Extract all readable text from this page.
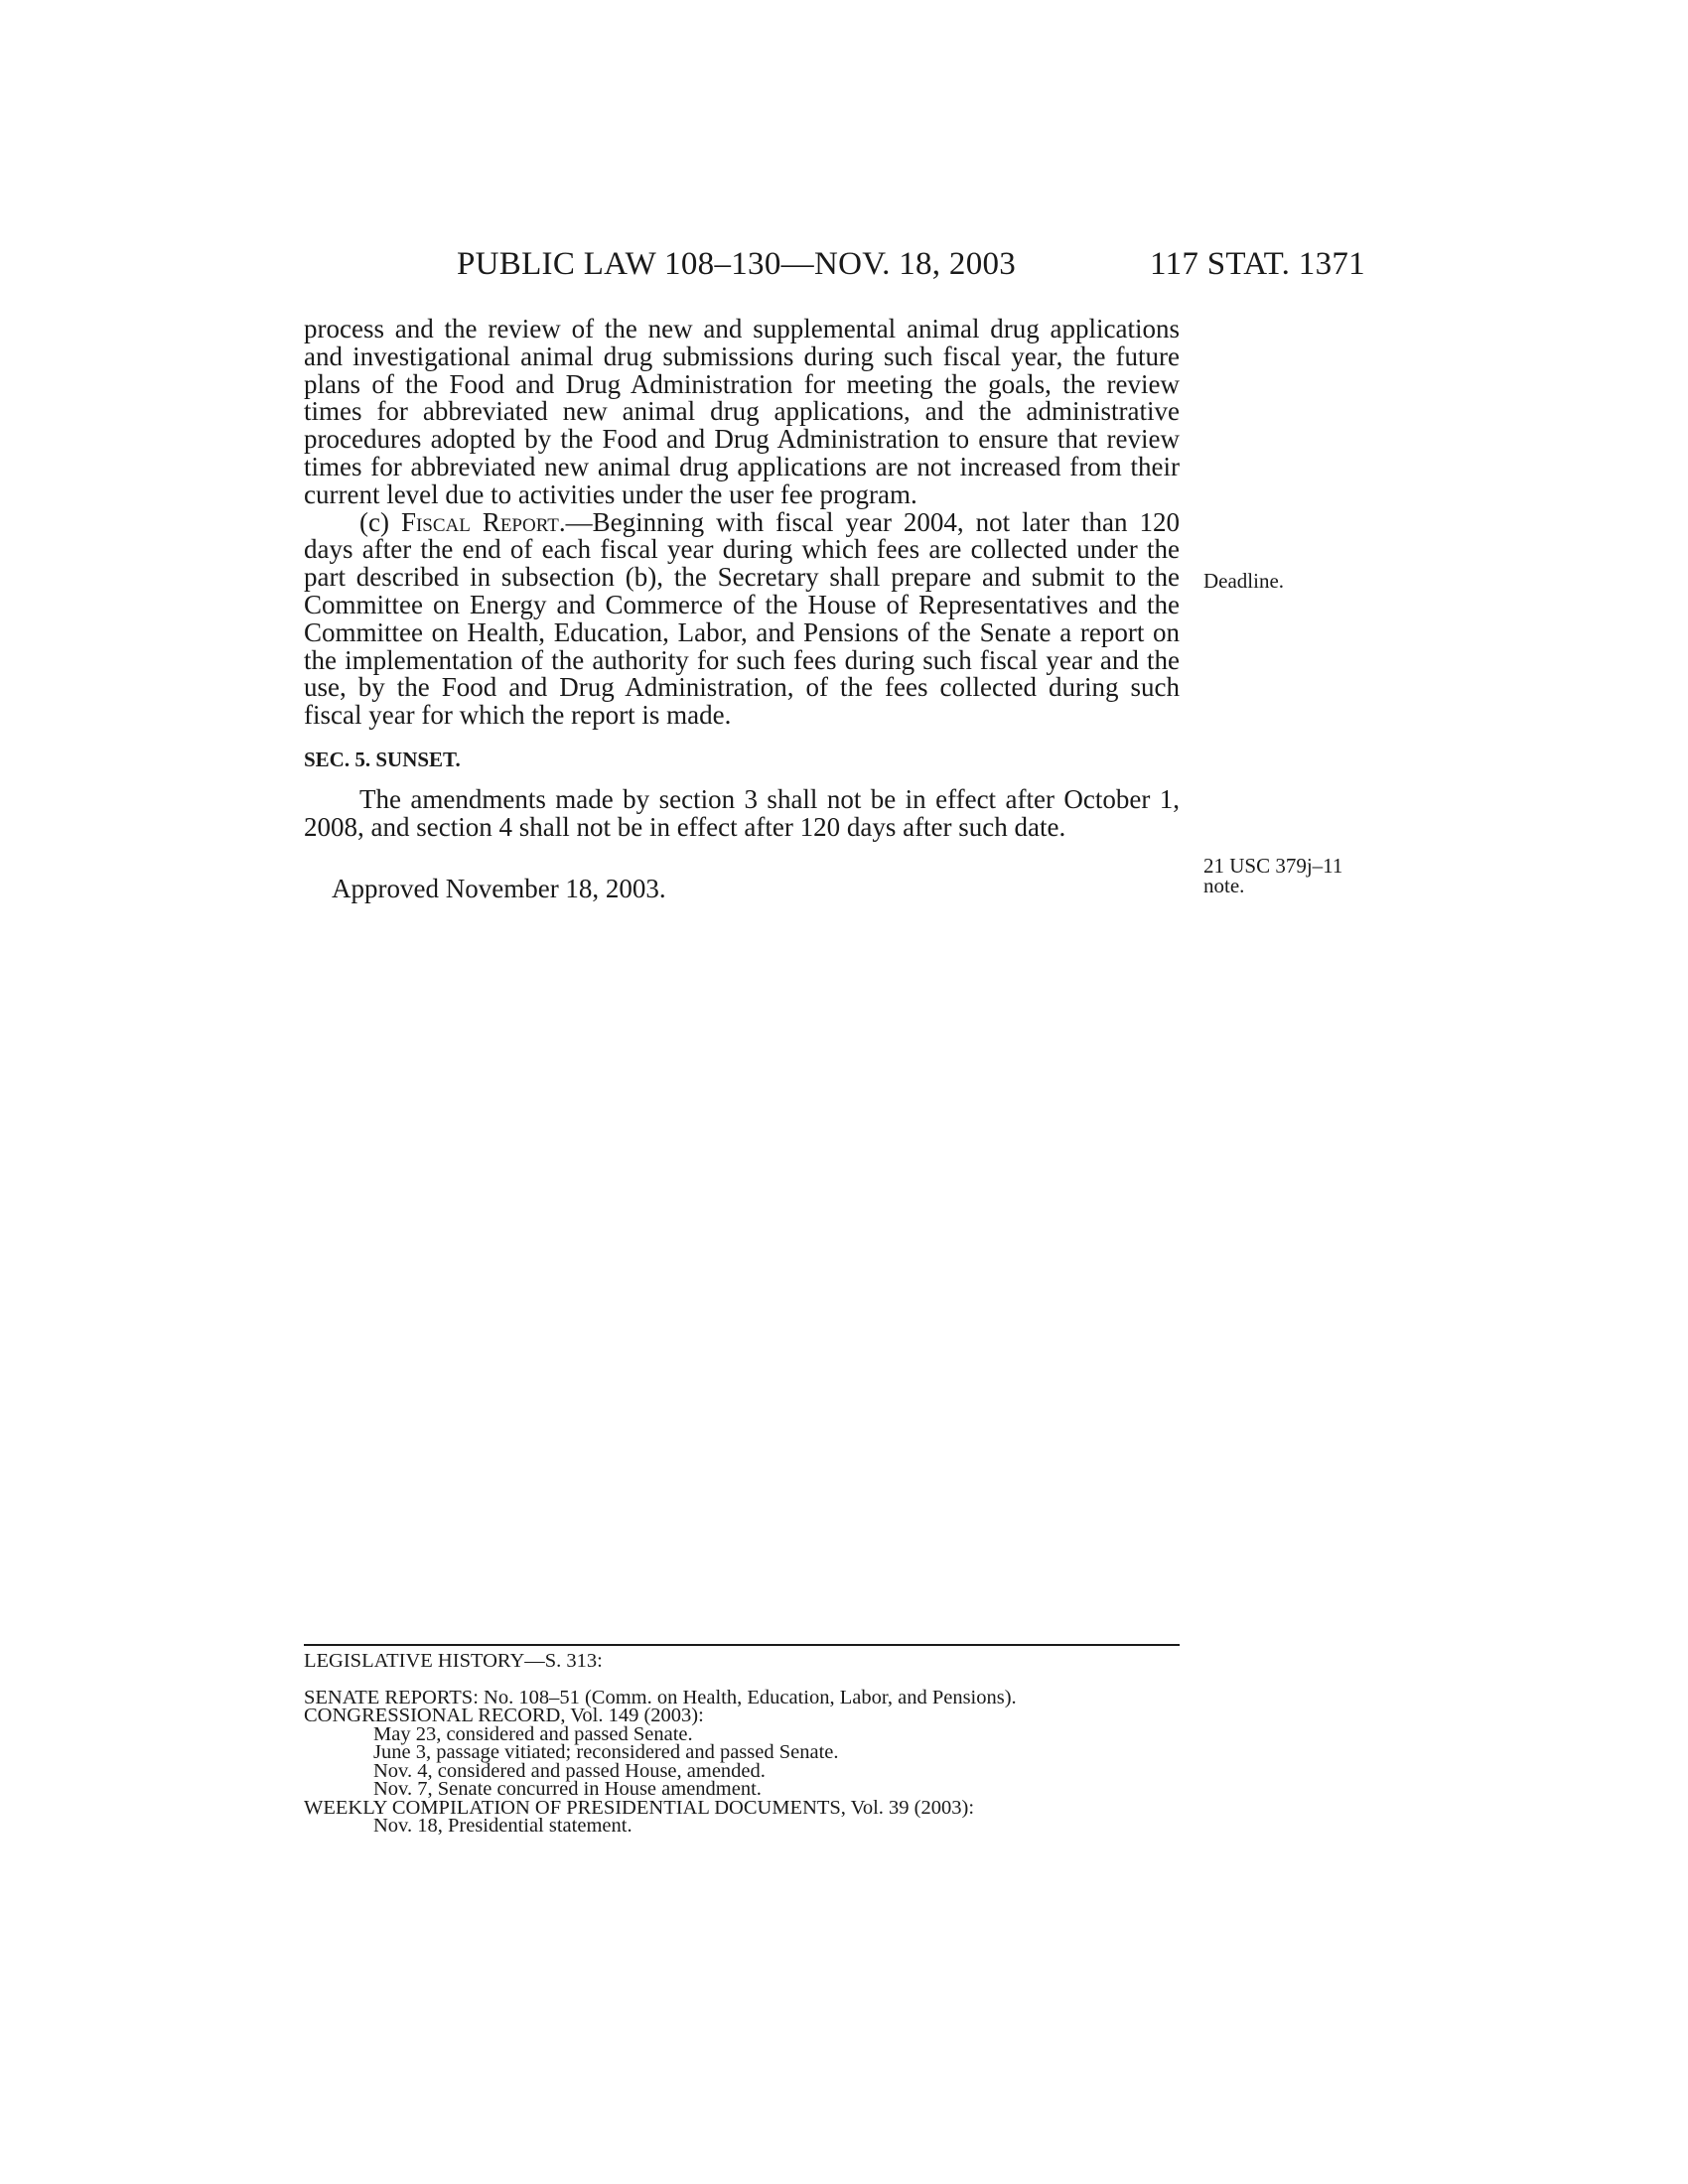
PUBLIC LAW 108–130—NOV. 18, 2003	117 STAT. 1371

process and the review of the new and supplemental animal drug applications and investigational animal drug submissions during such fiscal year, the future plans of the Food and Drug Administration for meeting the goals, the review times for abbreviated new animal drug applications, and the administrative procedures adopted by the Food and Drug Administration to ensure that review times for abbreviated new animal drug applications are not increased from their current level due to activities under the user fee program.

(c) Fiscal Report.—Beginning with fiscal year 2004, not later than 120 days after the end of each fiscal year during which fees are collected under the part described in subsection (b), the Secretary shall prepare and submit to the Committee on Energy and Commerce of the House of Representatives and the Committee on Health, Education, Labor, and Pensions of the Senate a report on the implementation of the authority for such fees during such fiscal year and the use, by the Food and Drug Administration, of the fees collected during such fiscal year for which the report is made.

SEC. 5. SUNSET.

The amendments made by section 3 shall not be in effect after October 1, 2008, and section 4 shall not be in effect after 120 days after such date.

Approved November 18, 2003.

Deadline.
21 USC 379j–11
note.

LEGISLATIVE HISTORY—S. 313:

SENATE REPORTS: No. 108–51 (Comm. on Health, Education, Labor, and Pensions).

CONGRESSIONAL RECORD, Vol. 149 (2003):

May 23, considered and passed Senate.

June 3, passage vitiated; reconsidered and passed Senate.

Nov. 4, considered and passed House, amended.

Nov. 7, Senate concurred in House amendment.

WEEKLY COMPILATION OF PRESIDENTIAL DOCUMENTS, Vol. 39 (2003):

Nov. 18, Presidential statement.
